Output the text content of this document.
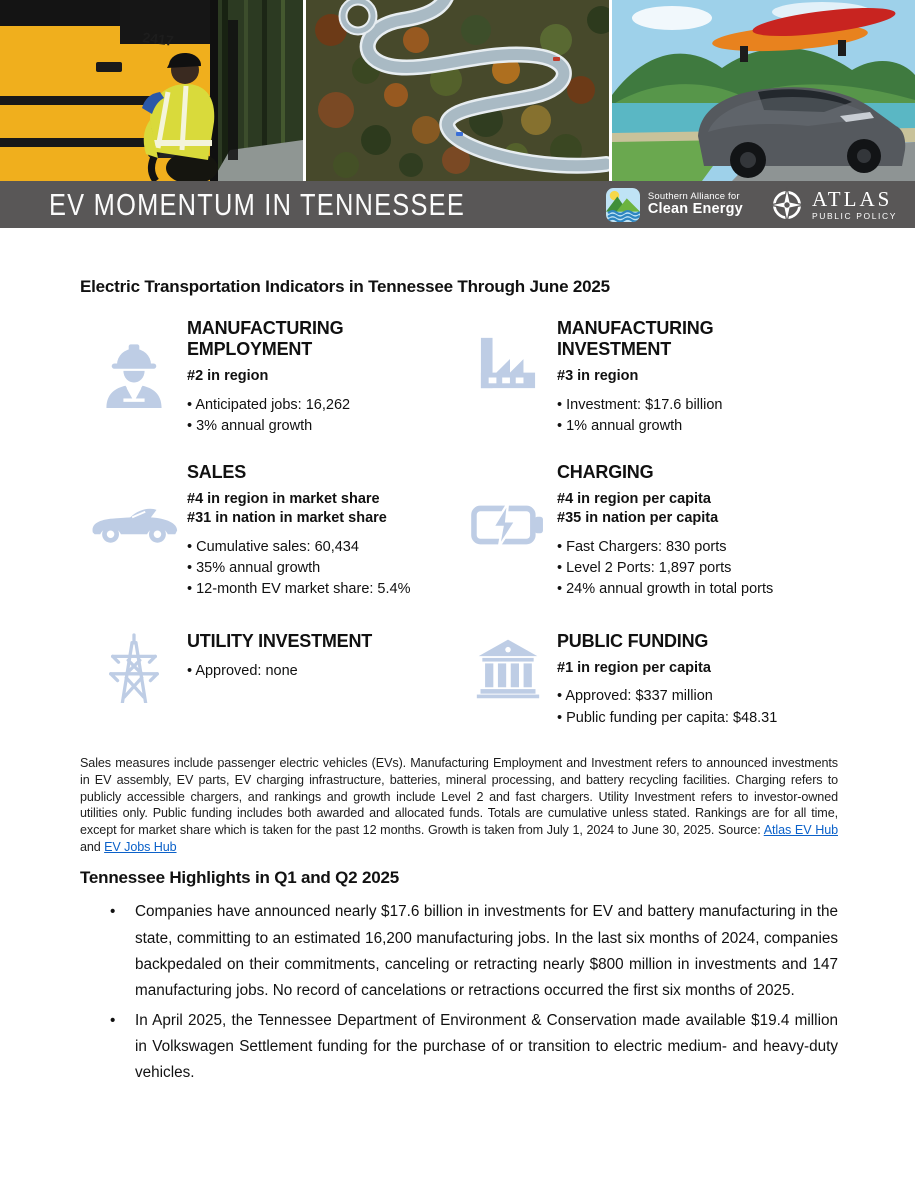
2417
EV MOMENTUM IN TENNESSEE	Southern Alliance for
Clean Energy	ATLAS
PUBLIC POLICY
Electric Transportation Indicators in Tennessee Through June 2025
MANUFACTURING EMPLOYMENT
#2 in region
• Anticipated jobs: 16,262
• 3% annual growth
MANUFACTURING INVESTMENT
#3 in region
• Investment: $17.6 billion
• 1% annual growth
SALES
#4 in region in market share
#31 in nation in market share
• Cumulative sales: 60,434
• 35% annual growth
• 12-month EV market share: 5.4%
CHARGING
#4 in region per capita
#35 in nation per capita
• Fast Chargers: 830 ports
• Level 2 Ports: 1,897 ports
• 24% annual growth in total ports
UTILITY INVESTMENT
• Approved: none
PUBLIC FUNDING
#1 in region per capita
• Approved: $337 million
• Public funding per capita: $48.31

Sales measures include passenger electric vehicles (EVs). Manufacturing Employment and Investment refers to announced investments in EV assembly, EV parts, EV charging infrastructure, batteries, mineral processing, and battery recycling facilities. Charging refers to publicly accessible chargers, and rankings and growth include Level 2 and fast chargers. Utility Investment refers to investor-owned utilities only. Public funding includes both awarded and allocated funds. Totals are cumulative unless stated. Rankings are for all time, except for market share which is taken for the past 12 months. Growth is taken from July 1, 2024 to June 30, 2025. Source: Atlas EV Hub and EV Jobs Hub

Tennessee Highlights in Q1 and Q2 2025
• Companies have announced nearly $17.6 billion in investments for EV and battery manufacturing in the state, committing to an estimated 16,200 manufacturing jobs. In the last six months of 2024, companies backpedaled on their commitments, canceling or retracting nearly $800 million in investments and 147 manufacturing jobs. No record of cancelations or retractions occurred the first six months of 2025.
• In April 2025, the Tennessee Department of Environment & Conservation made available $19.4 million in Volkswagen Settlement funding for the purchase of or transition to electric medium- and heavy-duty vehicles.
